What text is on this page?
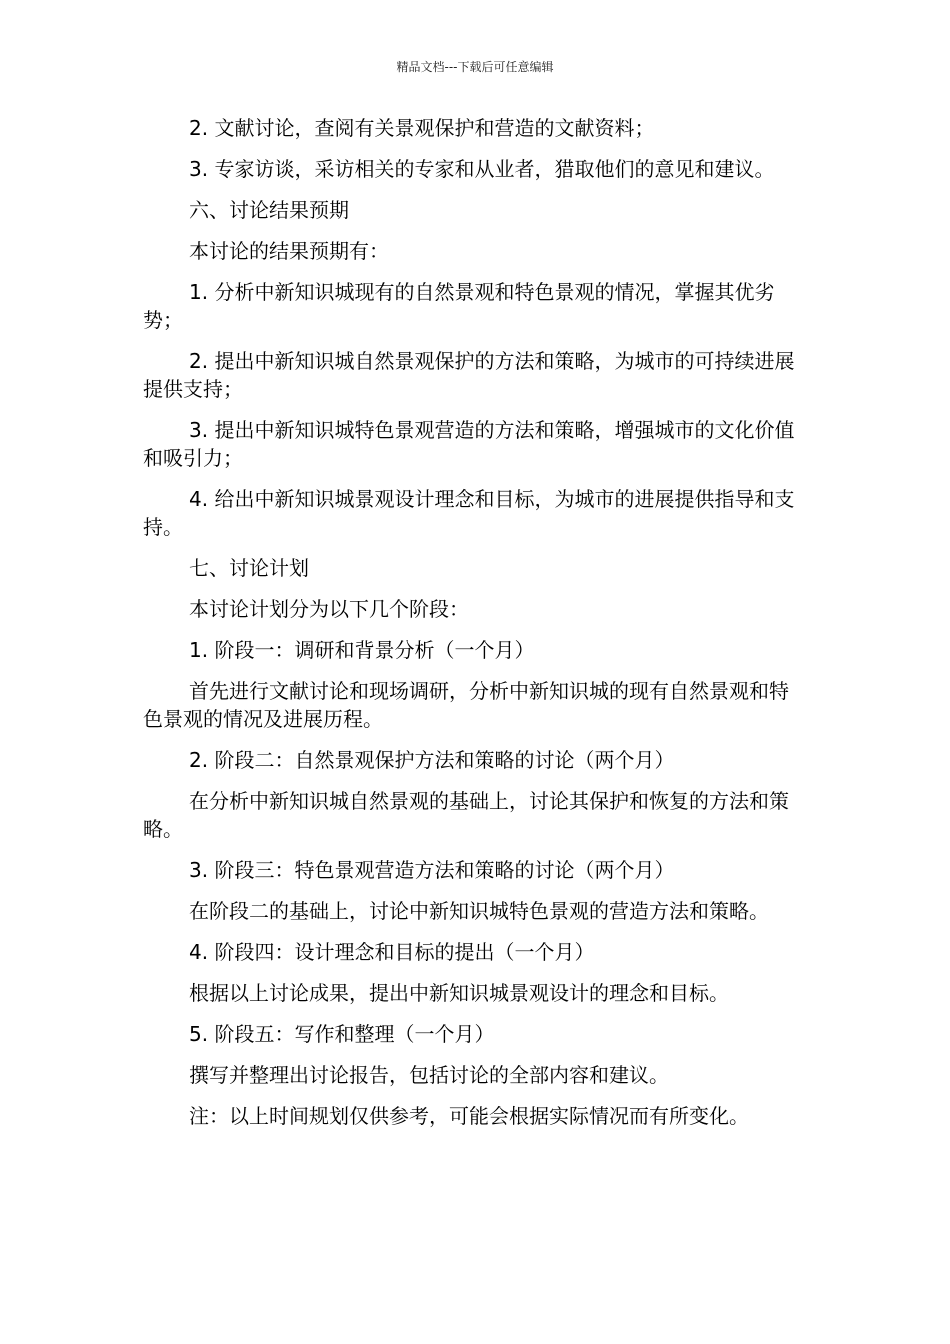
精品文档---下载后可任意编辑

2. 文献讨论，查阅有关景观保护和营造的文献资料；

3. 专家访谈，采访相关的专家和从业者，猎取他们的意见和建议。

六、讨论结果预期

本讨论的结果预期有：

1. 分析中新知识城现有的自然景观和特色景观的情况，掌握其优劣势；

2. 提出中新知识城自然景观保护的方法和策略，为城市的可持续进展提供支持；

3. 提出中新知识城特色景观营造的方法和策略，增强城市的文化价值和吸引力；

4. 给出中新知识城景观设计理念和目标，为城市的进展提供指导和支持。

七、讨论计划

本讨论计划分为以下几个阶段：

1. 阶段一：调研和背景分析（一个月）

首先进行文献讨论和现场调研，分析中新知识城的现有自然景观和特色景观的情况及进展历程。

2. 阶段二：自然景观保护方法和策略的讨论（两个月）

在分析中新知识城自然景观的基础上，讨论其保护和恢复的方法和策略。

3. 阶段三：特色景观营造方法和策略的讨论（两个月）

在阶段二的基础上，讨论中新知识城特色景观的营造方法和策略。

4. 阶段四：设计理念和目标的提出（一个月）

根据以上讨论成果，提出中新知识城景观设计的理念和目标。

5. 阶段五：写作和整理（一个月）

撰写并整理出讨论报告，包括讨论的全部内容和建议。

注：以上时间规划仅供参考，可能会根据实际情况而有所变化。
